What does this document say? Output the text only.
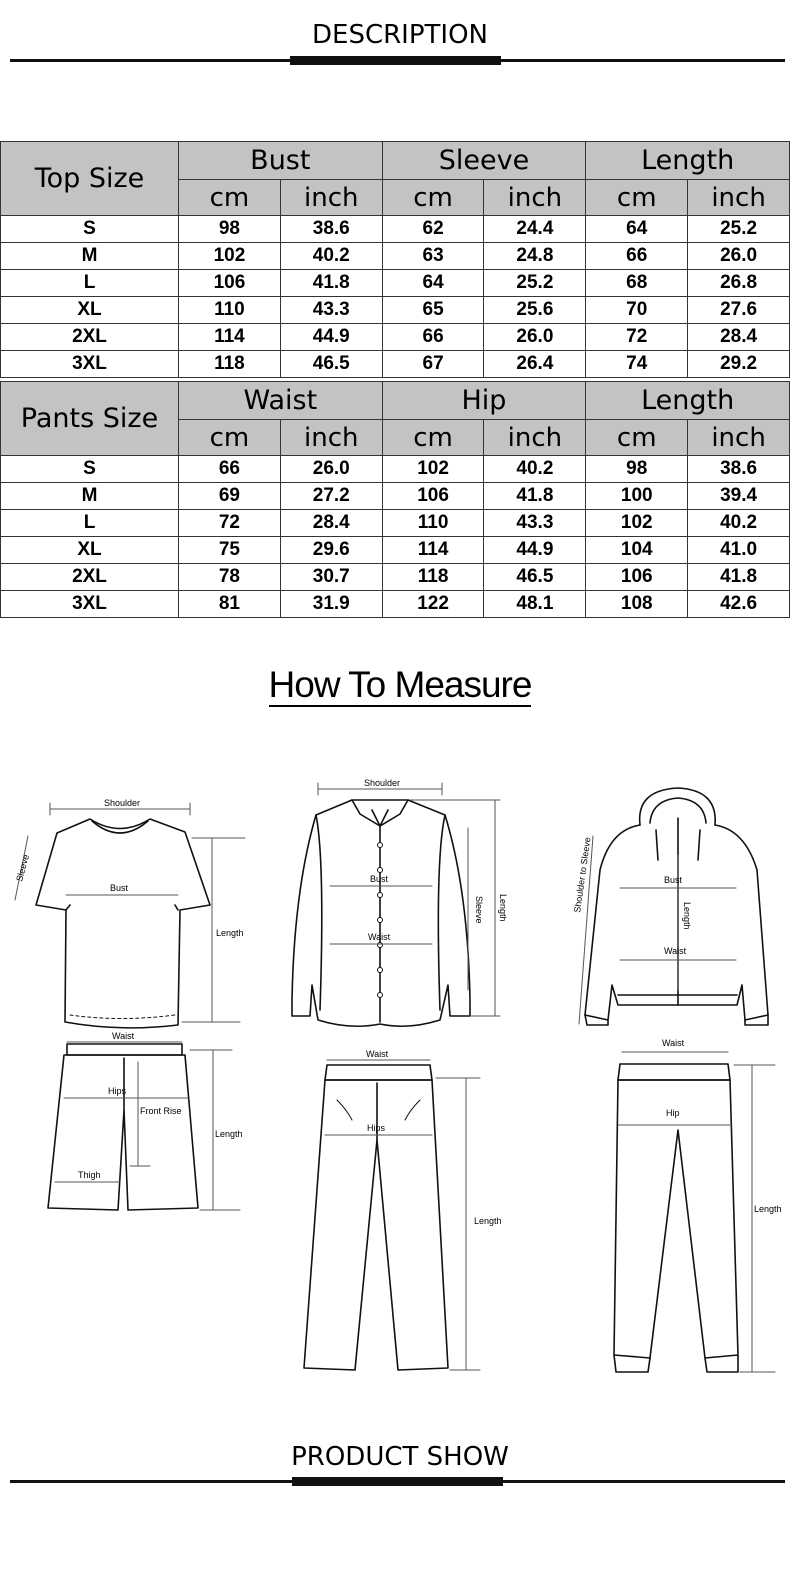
DESCRIPTION
Top Size	Bust		Sleeve		Length	
	cm	inch	cm	inch	cm	inch
S	98	38.6	62	24.4	64	25.2
M	102	40.2	63	24.8	66	26.0
L	106	41.8	64	25.2	68	26.8
XL	110	43.3	65	25.6	70	27.6
2XL	114	44.9	66	26.0	72	28.4
3XL	118	46.5	67	26.4	74	29.2
Pants Size	Waist		Hip		Length	
	cm	inch	cm	inch	cm	inch
S	66	26.0	102	40.2	98	38.6
M	69	27.2	106	41.8	100	39.4
L	72	28.4	110	43.3	102	40.2
XL	75	29.6	114	44.9	104	41.0
2XL	78	30.7	118	46.5	106	41.8
3XL	81	31.9	122	48.1	108	42.6
How To Measure
Shoulder
Sleeve
Bust
Length
Waist
Hips
Front Rise
Thigh
Length
Shoulder
Bust
Waist
Sleeve Length
Waist
Hips
Length
Shoulder to Sleeve	Bust
Length
Waist
Waist
Hip
Length
PRODUCT SHOW
